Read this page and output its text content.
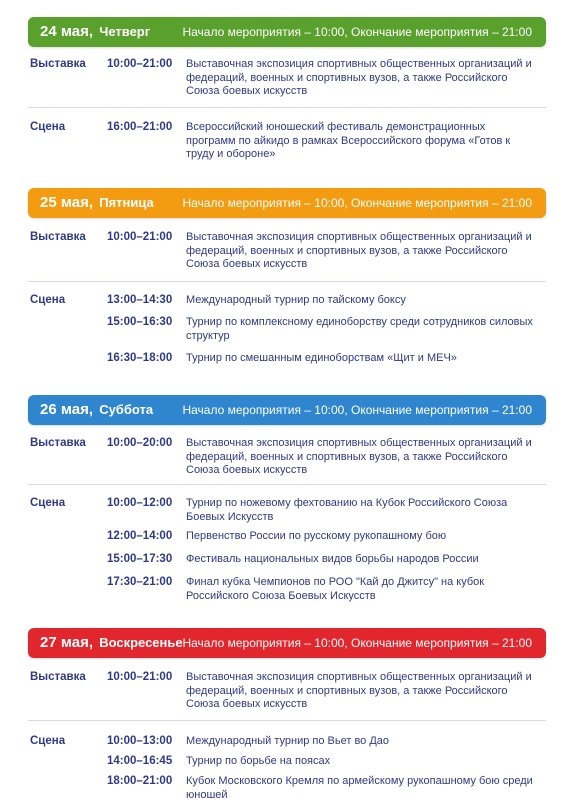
24 мая, Четверг	Начало мероприятия – 10:00, Окончание мероприятия – 21:00
Выставка 10:00–21:00 Выставочная экспозиция спортивных общественных организаций и федераций, военных и спортивных вузов, а также Российского Союза боевых искусств
Сцена	16:00–21:00 Всероссийский юношеский фестиваль демонстрационных программ по айкидо в рамках Всероссийского форума «Готов к труду и обороне»
25 мая, Пятница Начало мероприятия – 10:00, Окончание мероприятия – 21:00
Выставка 10:00–21:00 Выставочная экспозиция спортивных общественных организаций и федераций, военных и спортивных вузов, а также Российского Союза боевых искусств
Сцена	13:00–14:30 Международный турнир по тайскому боксу
15:00–16:30 Турнир по комплексному единоборству среди сотрудников силовых структур
16:30–18:00 Турнир по смешанным единоборствам «Щит и МЕЧ»
26 мая, Суббота Начало мероприятия – 10:00, Окончание мероприятия – 21:00
Выставка 10:00–20:00 Выставочная экспозиция спортивных общественных организаций и федераций, военных и спортивных вузов, а также Российского Союза боевых искусств
Сцена	10:00–12:00 Турнир по ножевому фехтованию на Кубок Российского Союза Боевых Искусств
12:00–14:00 Первенство России по русскому рукопашному бою
15:00–17:30 Фестиваль национальных видов борьбы народов России
17:30–21:00 Финал кубка Чемпионов по РОО "Кай до Джитсу" на кубок Российского Союза Боевых Искусств
27 мая, Воскресенье Начало мероприятия – 10:00, Окончание мероприятия – 21:00
Выставка 10:00–21:00 Выставочная экспозиция спортивных общественных организаций и федераций, военных и спортивных вузов, а также Российского Союза боевых искусств
Сцена	10:00–13:00 Международный турнир по Вьет во Дао
14:00–16:45 Турнир по борьбе на поясах
18:00–21:00 Кубок Московского Кремля по армейскому рукопашному бою среди юношей
